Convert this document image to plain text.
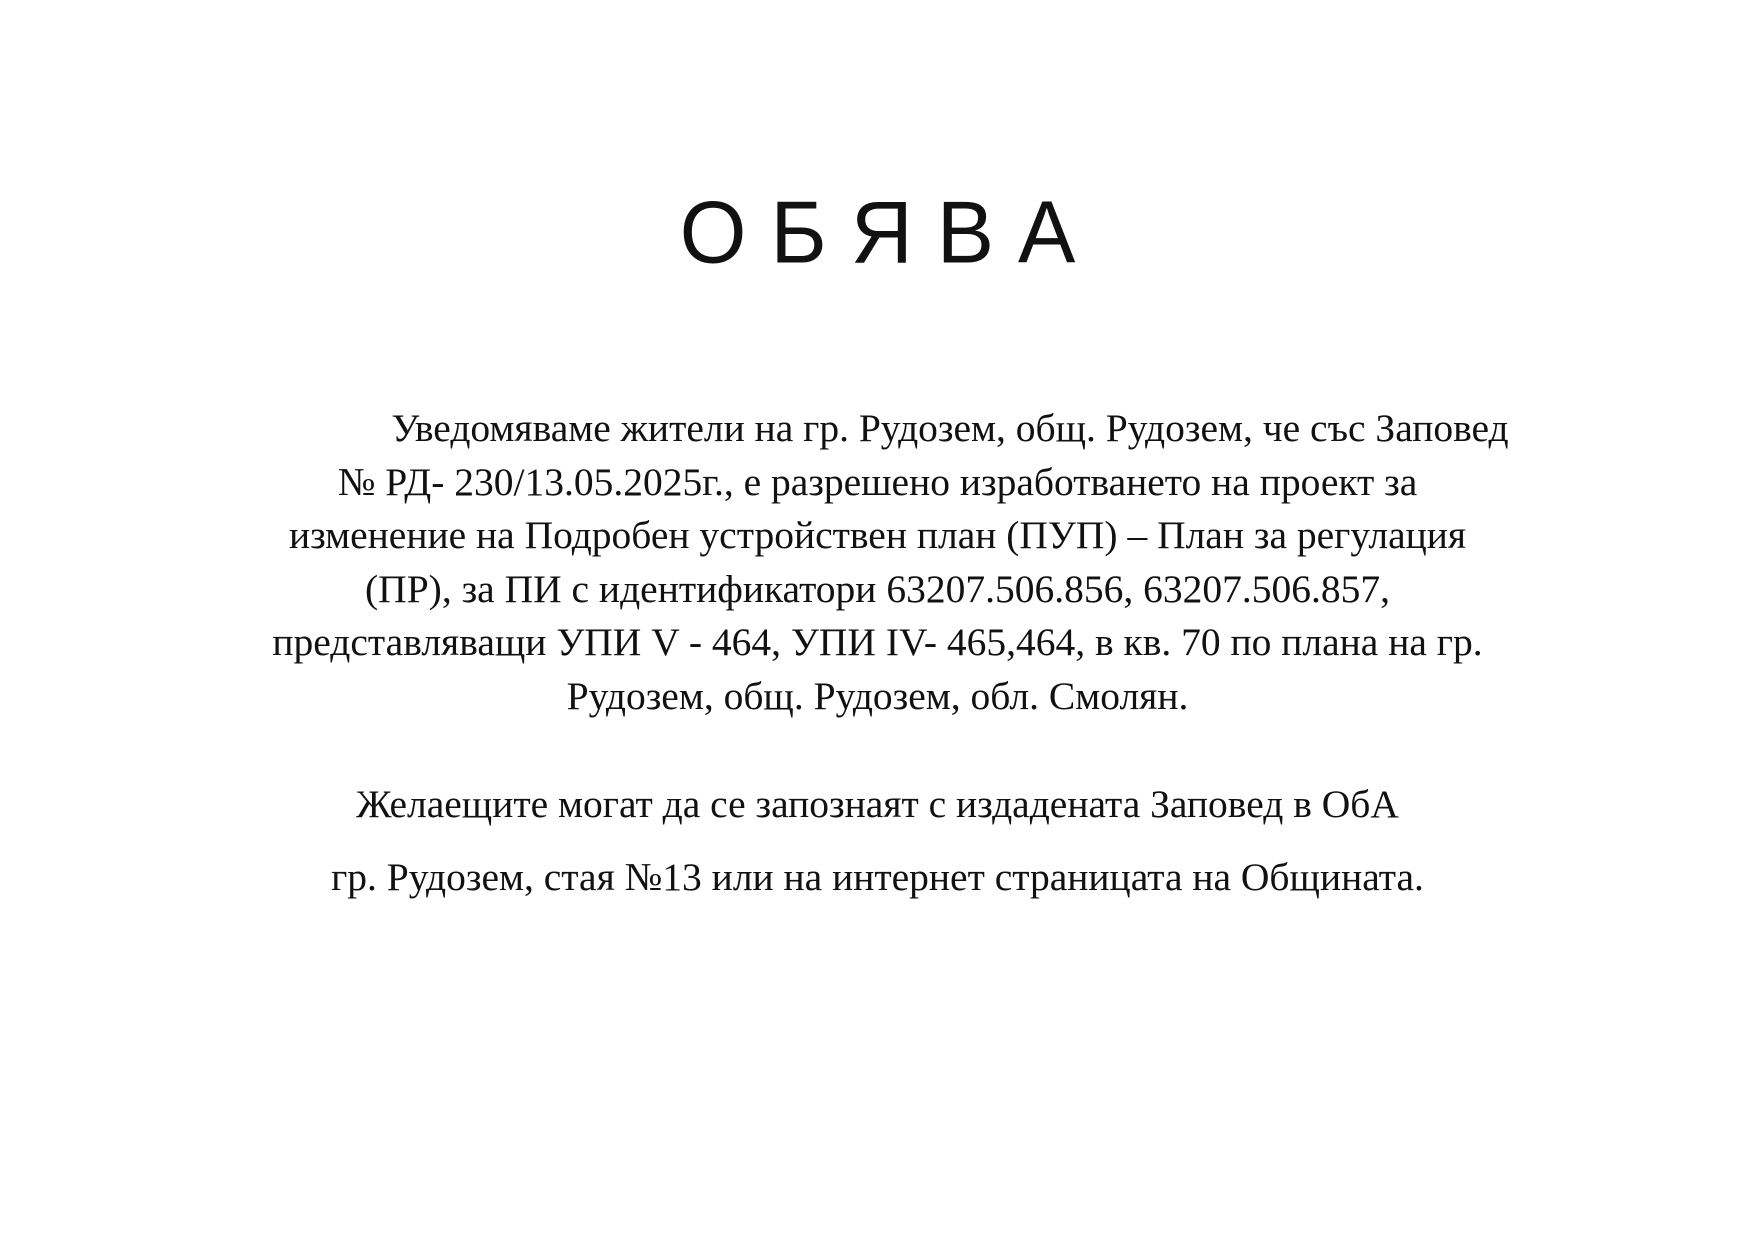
О Б Я В А
Уведомяваме жители на гр. Рудозем, общ. Рудозем, че със Заповед
№ РД- 230/13.05.2025г., е разрешено изработването на проект за
изменение на Подробен устройствен план (ПУП) – План за регулация
(ПР), за ПИ с идентификатори 63207.506.856, 63207.506.857,
представляващи УПИ V - 464, УПИ IV- 465,464, в кв. 70 по плана на гр.
Рудозем, общ. Рудозем, обл. Смолян.
Желаещите могат да се запознаят с издадената Заповед в ОбА
гр. Рудозем, стая №13 или на интернет страницата на Общината.
